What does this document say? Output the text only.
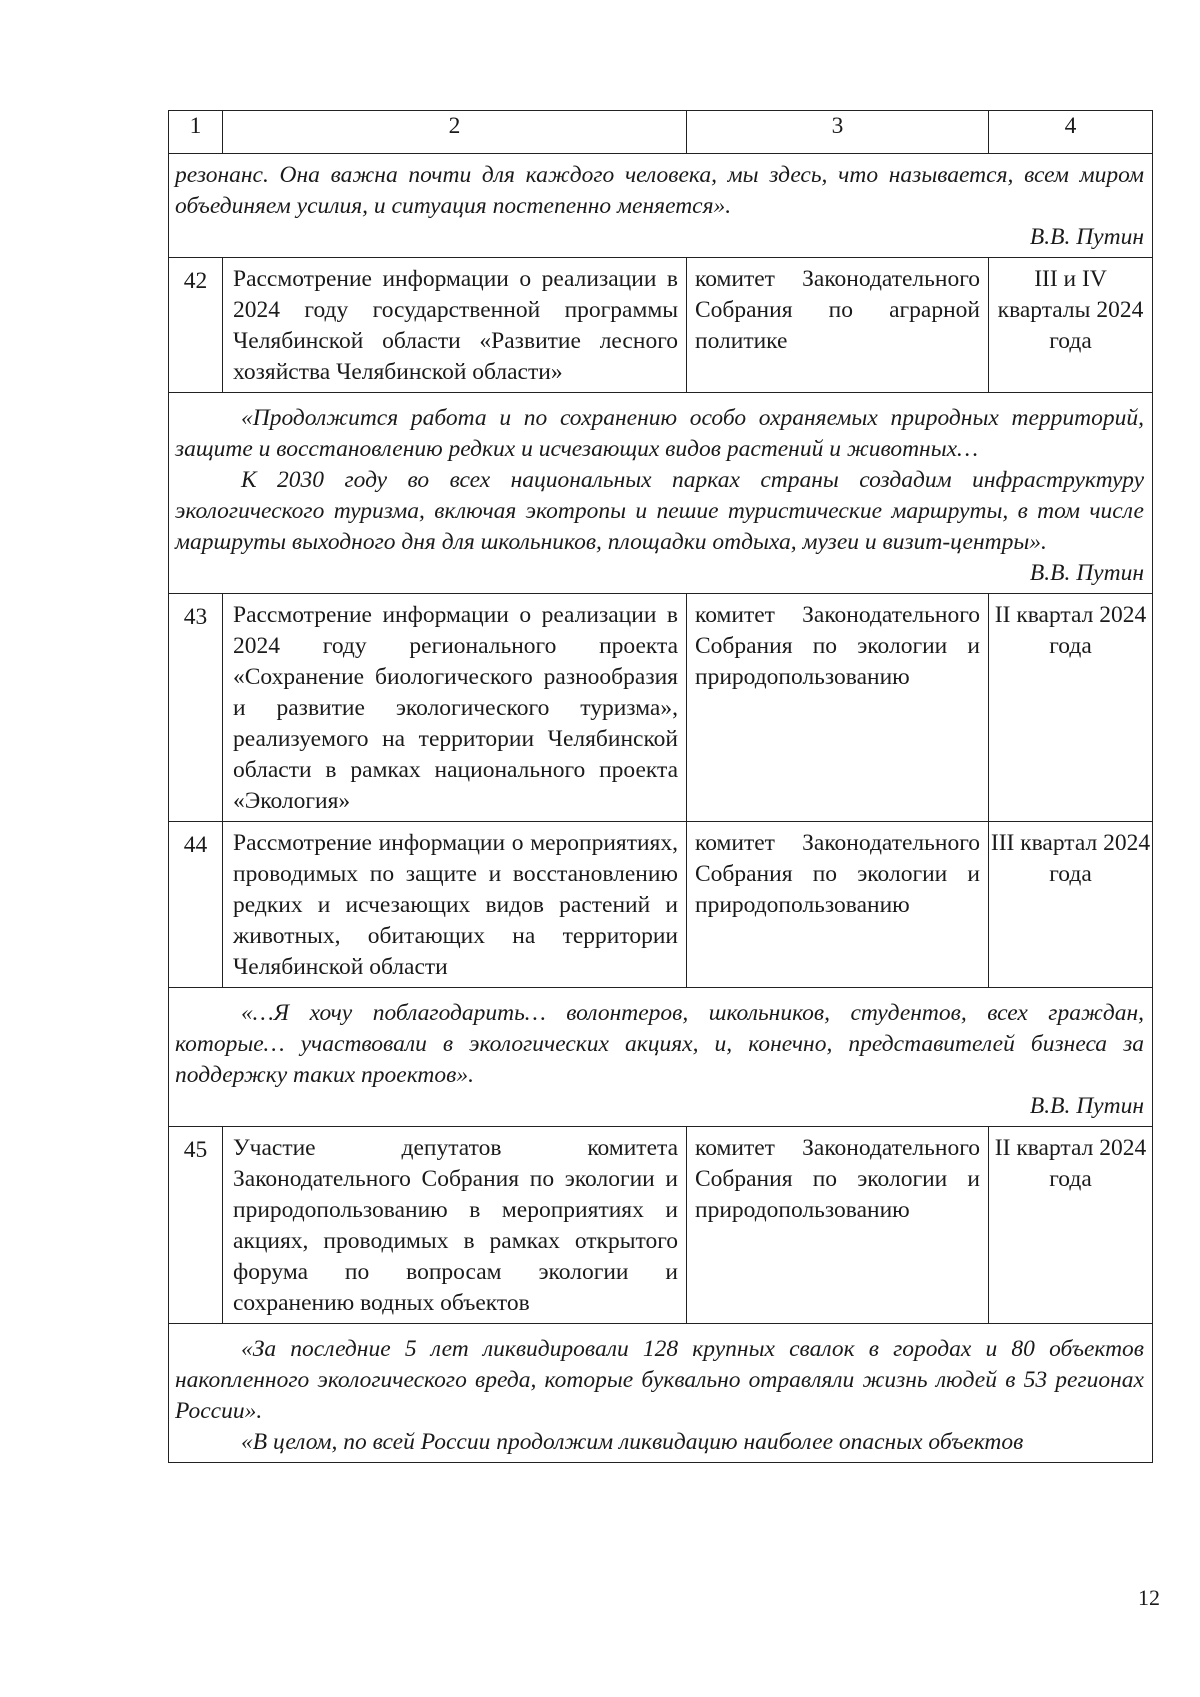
1	2	3	4

резонанс. Она важна почти для каждого человека, мы здесь, что называется, всем миром объединяем усилия, и ситуация постепенно меняется».

В.В. Путин			

42	Рассмотрение информации о реализации в 2024 году государственной программы Челябинской области «Развитие лесного хозяйства Челябинской области»	комитет Законодательного Собрания по аграрной политике	III и IV кварталы 2024 года

«Продолжится работа и по сохранению особо охраняемых природных территорий, защите и восстановлению редких и исчезающих видов растений и животных…

К 2030 году во всех национальных парках страны создадим инфраструктуру экологического туризма, включая экотропы и пешие туристические маршруты, в том числе маршруты выходного дня для школьников, площадки отдыха, музеи и визит-центры».

В.В. Путин			

43	Рассмотрение информации о реализации в 2024 году регионального проекта «Сохранение биологического разнообразия и развитие экологического туризма», реализуемого на территории Челябинской области в рамках национального проекта «Экология»	комитет Законодательного Собрания по экологии и природопользованию	II квартал 2024 года
44	Рассмотрение информации о мероприятиях, проводимых по защите и восстановлению редких и исчезающих видов растений и животных, обитающих на территории Челябинской области	комитет Законодательного Собрания по экологии и природопользованию	III квартал 2024 года

«…Я хочу поблагодарить… волонтеров, школьников, студентов, всех граждан, которые… участвовали в экологических акциях, и, конечно, представителей бизнеса за поддержку таких проектов».

В.В. Путин			

45	Участие депутатов комитета Законодательного Собрания по экологии и природопользованию в мероприятиях и акциях, проводимых в рамках открытого форума по вопросам экологии и сохранению водных объектов	комитет Законодательного Собрания по экологии и природопользованию	II квартал 2024 года

«За последние 5 лет ликвидировали 128 крупных свалок в городах и 80 объектов накопленного экологического вреда, которые буквально отравляли жизнь людей в 53 регионах России».

«В целом, по всей России продолжим ликвидацию наиболее опасных объектов			

12
